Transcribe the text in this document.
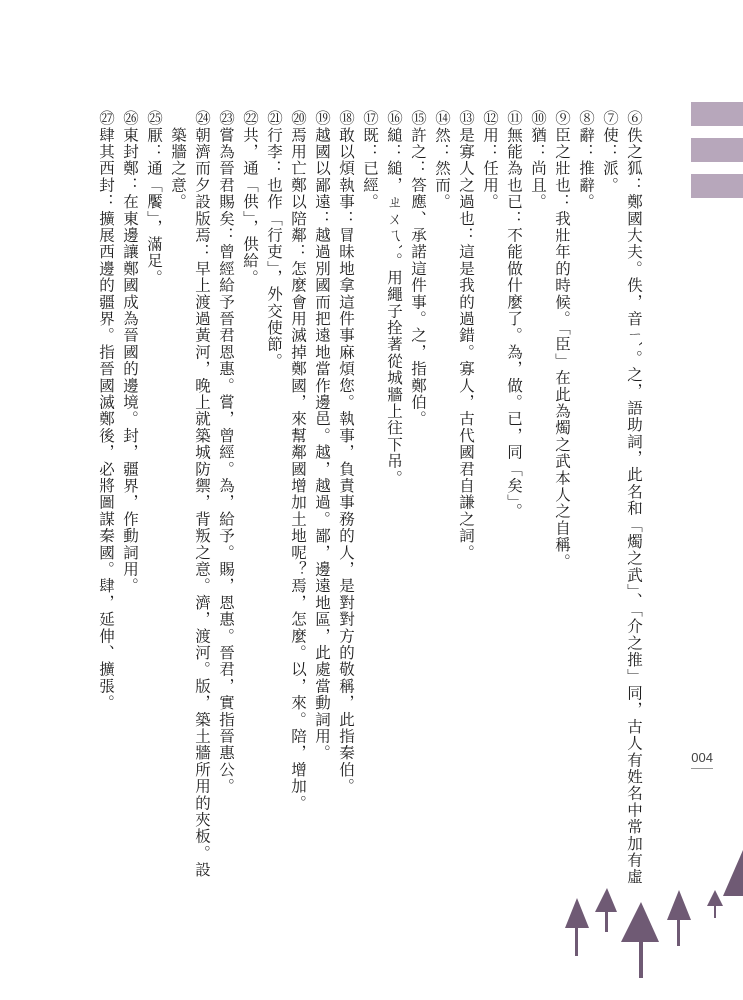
⑥佚之狐：鄭國大夫。佚，音ㄧˋ。之，語助詞，此名和「燭之武」、「介之推」同，古人有姓名中常加有虛
⑦使：派。
⑧辭：推辭。
⑨臣之壯也：我壯年的時候。「臣」在此為燭之武本人之自稱。
⑩猶：尚且。
⑪無能為也已：不能做什麼了。為，做。已，同「矣」。
⑫用：任用。
⑬是寡人之過也：這是我的過錯。寡人，古代國君自謙之詞。
⑭然：然而。
⑮許之：答應、承諾這件事。之，指鄭伯。
⑯縋：縋，ㄓㄨㄟˋ。用繩子拴著從城牆上往下吊。
⑰既：已經。
⑱敢以煩執事：冒昧地拿這件事麻煩您。執事，負責事務的人，是對對方的敬稱，此指秦伯。
⑲越國以鄙遠：越過別國而把遠地當作邊邑。越，越過。鄙，邊遠地區，此處當動詞用。
⑳焉用亡鄭以陪鄰：怎麼會用滅掉鄭國，來幫鄰國增加土地呢？焉，怎麼。以，來。陪，增加。
㉑行李：也作「行吏」，外交使節。
㉒共，通「供」，供給。
㉓嘗為晉君賜矣：曾經給予晉君恩惠。嘗，曾經。為，給予。賜，恩惠。晉君，實指晉惠公。
㉔朝濟而夕設版焉：早上渡過黃河，晚上就築城防禦，背叛之意。濟，渡河。版，築土牆所用的夾板。設
　築牆之意。
㉕厭：通「饜」，滿足。
㉖東封鄭：在東邊讓鄭國成為晉國的邊境。封，疆界，作動詞用。
㉗肆其西封：擴展西邊的疆界。指晉國滅鄭後，必將圖謀秦國。肆，延伸、擴張。
004
